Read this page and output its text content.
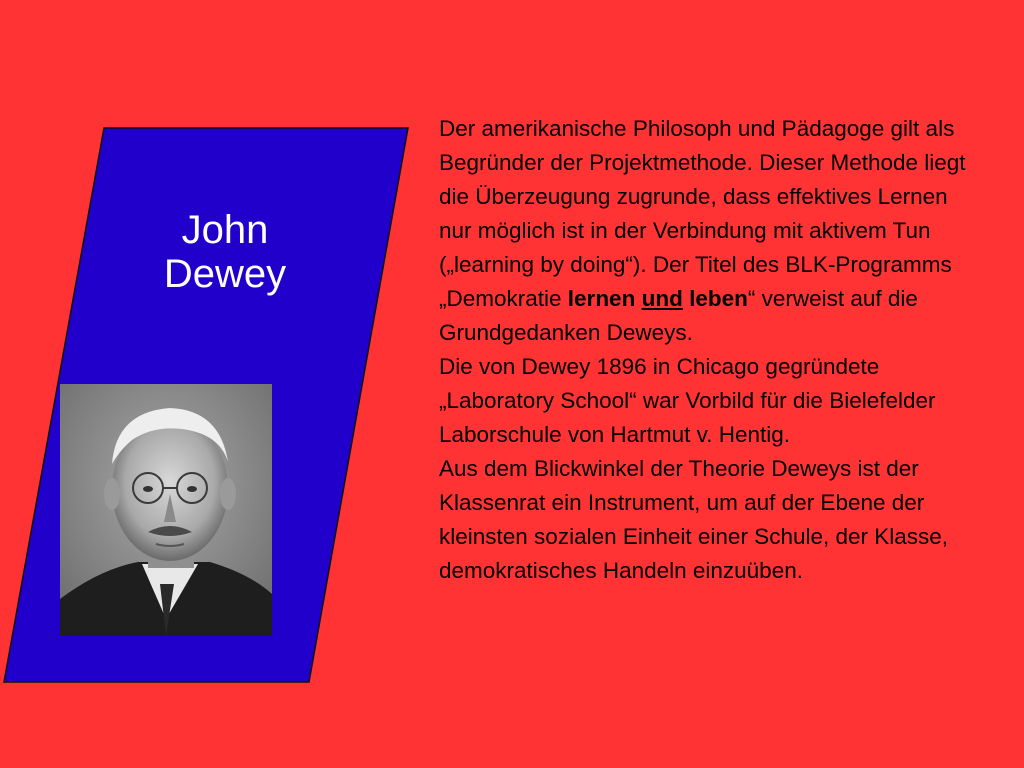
John
Dewey

Der amerikanische Philosoph und Pädagoge gilt als Begründer der Projektmethode. Dieser Methode liegt die Überzeugung zugrunde, dass effektives Lernen nur möglich ist in der Verbindung mit aktivem Tun („learning by doing“). Der Titel des BLK-Programms „Demokratie lernen und leben“ verweist auf die Grundgedanken Deweys.

Die von Dewey 1896 in Chicago gegründete „Laboratory School“ war Vorbild für die Bielefelder Laborschule von Hartmut v. Hentig.

Aus dem Blickwinkel der Theorie Deweys ist der Klassenrat ein Instrument, um auf der Ebene der kleinsten sozialen Einheit einer Schule, der Klasse, demokratisches Handeln einzuüben.
